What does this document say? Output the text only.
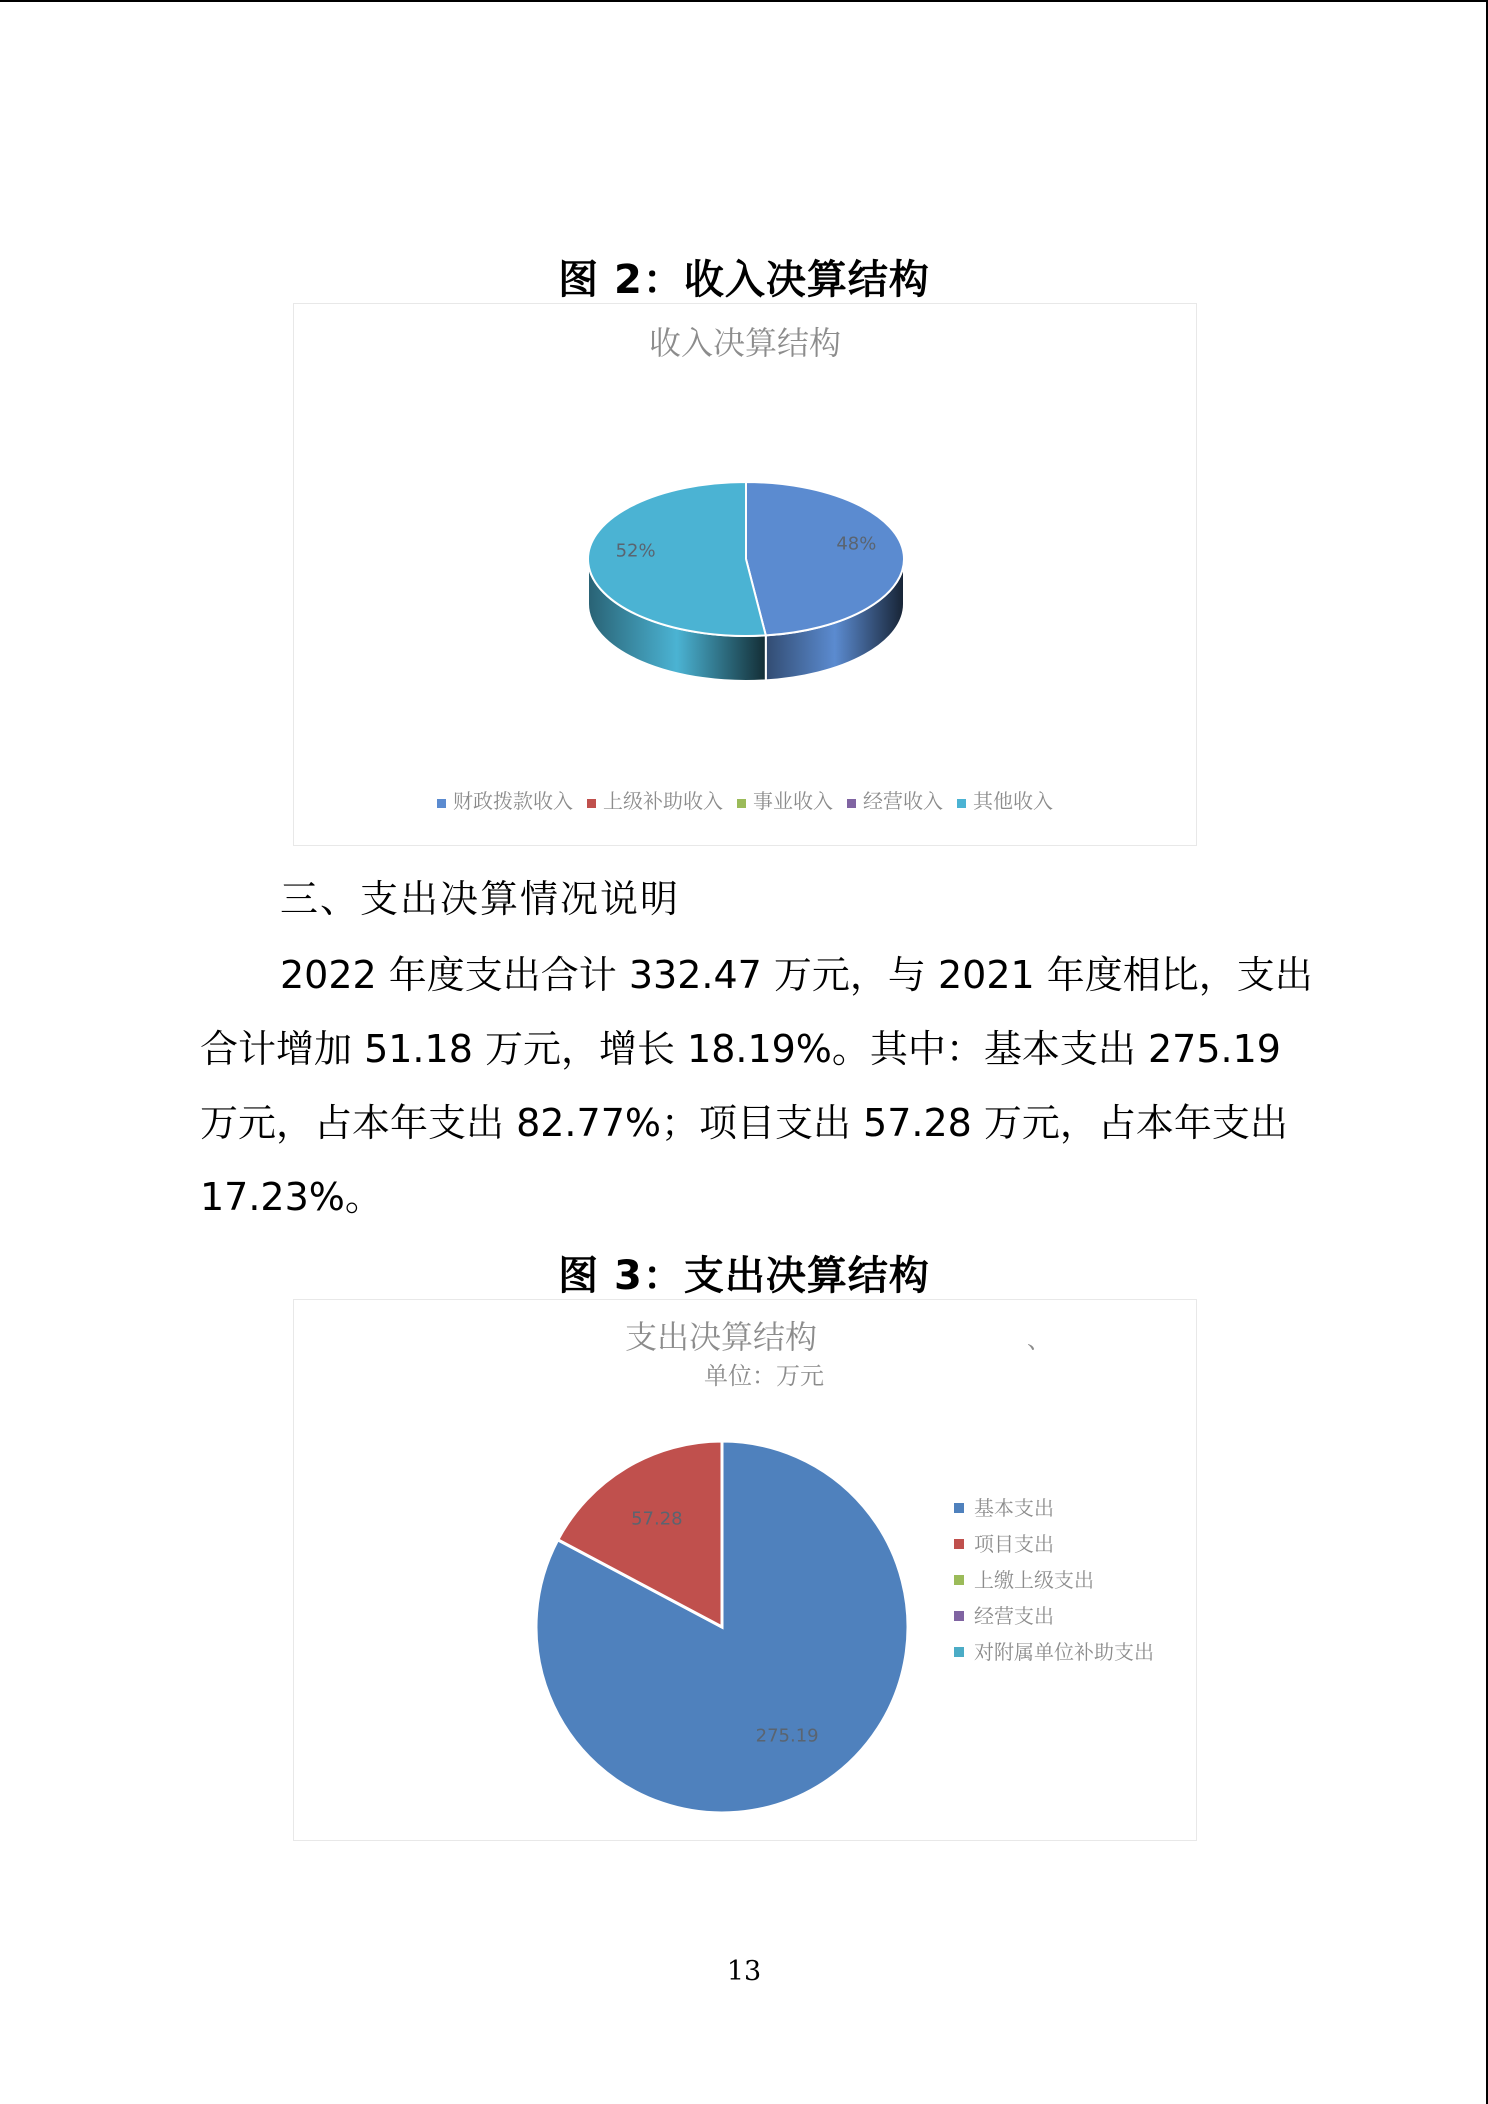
图 2：收入决算结构
收入决算结构
48%
52%
财政拨款收入 上级补助收入 事业收入 经营收入 其他收入
三、支出决算情况说明
2022 年度支出合计 332.47 万元，与 2021 年度相比，支出
合计增加 51.18 万元，增长 18.19%。其中：基本支出 275.19
万元，占本年支出 82.77%；项目支出 57.28 万元，占本年支出
17.23%。
图 3：支出决算结构
支出决算结构
单位：万元
、
275.19
57.28	基本支出
项目支出
上缴上级支出
经营支出
对附属单位补助支出
13
